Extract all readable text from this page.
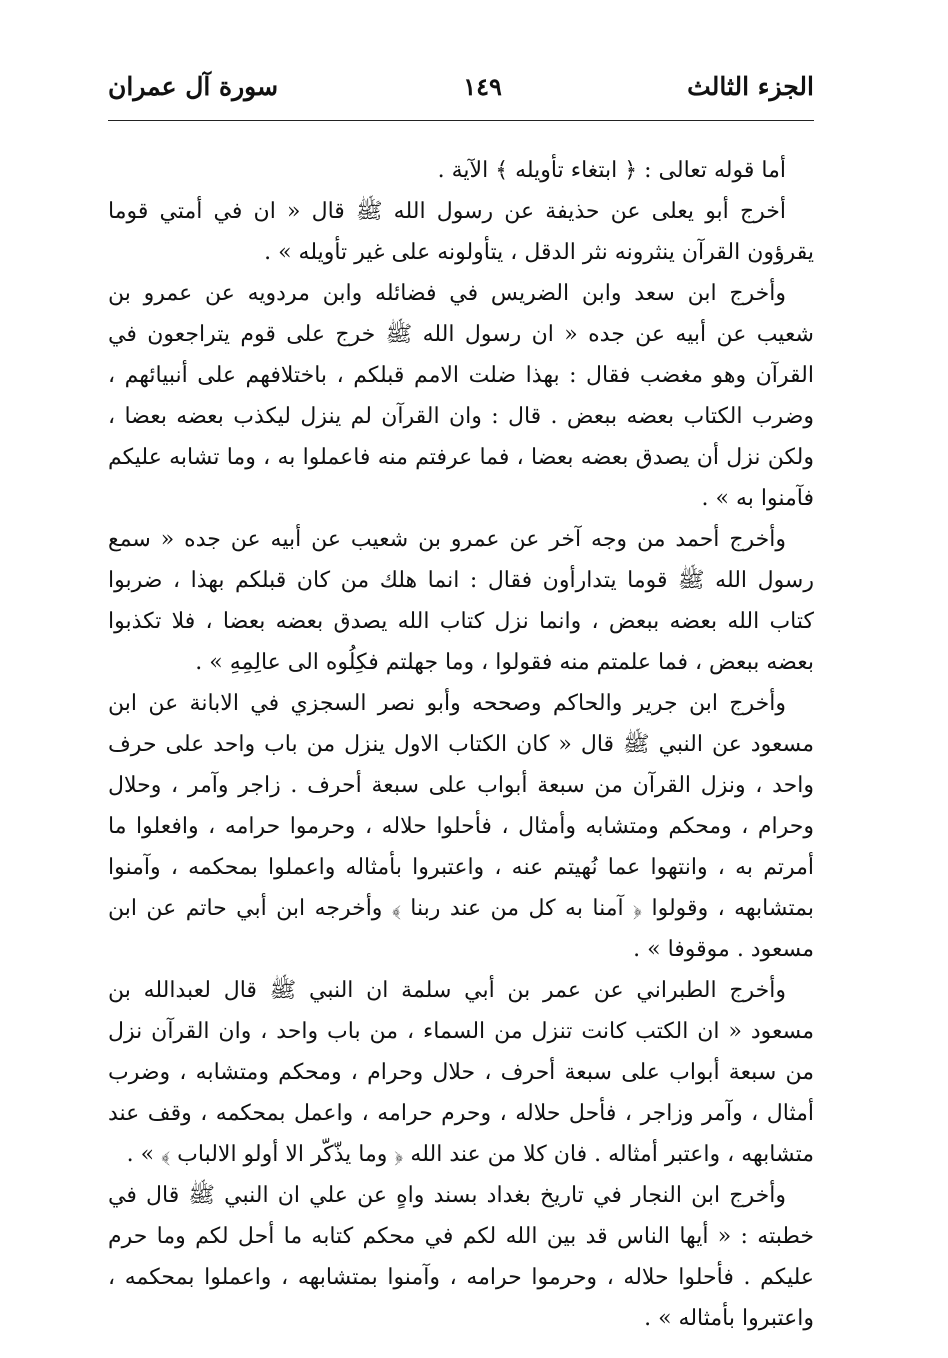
الجزء الثالث
١٤٩
سورة آل عمران

أما قوله تعالى : ﴿ ابتغاء تأويله ﴾ الآية .

أخرج أبو يعلى عن حذيفة عن رسول الله ﷺ قال « ان في أمتي قوما يقرؤون القرآن ينثرونه نثر الدقل ، يتأولونه على غير تأويله » .

وأخرج ابن سعد وابن الضريس في فضائله وابن مردويه عن عمرو بن شعيب عن أبيه عن جده « ان رسول الله ﷺ خرج على قوم يتراجعون في القرآن وهو مغضب فقال : بهذا ضلت الامم قبلكم ، باختلافهم على أنبيائهم ، وضرب الكتاب بعضه ببعض . قال : وان القرآن لم ينزل ليكذب بعضه بعضا ، ولكن نزل أن يصدق بعضه بعضا ، فما عرفتم منه فاعملوا به ، وما تشابه عليكم فآمنوا به » .

وأخرج أحمد من وجه آخر عن عمرو بن شعيب عن أبيه عن جده « سمع رسول الله ﷺ قوما يتدارأون فقال : انما هلك من كان قبلكم بهذا ، ضربوا كتاب الله بعضه ببعض ، وانما نزل كتاب الله يصدق بعضه بعضا ، فلا تكذبوا بعضه ببعض ، فما علمتم منه فقولوا ، وما جهلتم فكِلُوه الى عالِمِهِ » .

وأخرج ابن جرير والحاكم وصححه وأبو نصر السجزي في الابانة عن ابن مسعود عن النبي ﷺ قال « كان الكتاب الاول ينزل من باب واحد على حرف واحد ، ونزل القرآن من سبعة أبواب على سبعة أحرف . زاجر وآمر ، وحلال وحرام ، ومحكم ومتشابه وأمثال ، فأحلوا حلاله ، وحرموا حرامه ، وافعلوا ما أمرتم به ، وانتهوا عما نُهيتم عنه ، واعتبروا بأمثاله واعملوا بمحكمه ، وآمنوا بمتشابهه ، وقولوا ﴿ آمنا به كل من عند ربنا ﴾ وأخرجه ابن أبي حاتم عن ابن مسعود . موقوفا » .

وأخرج الطبراني عن عمر بن أبي سلمة ان النبي ﷺ قال لعبدالله بن مسعود « ان الكتب كانت تنزل من السماء ، من باب واحد ، وان القرآن نزل من سبعة أبواب على سبعة أحرف ، حلال وحرام ، ومحكم ومتشابه ، وضرب أمثال ، وآمر وزاجر ، فأحل حلاله ، وحرم حرامه ، واعمل بمحكمه ، وقف عند متشابهه ، واعتبر أمثاله . فان كلا من عند الله ﴿ وما يذّكّر الا أولو الالباب ﴾ » .

وأخرج ابن النجار في تاريخ بغداد بسند واهٍ عن علي ان النبي ﷺ قال في خطبته : « أيها الناس قد بين الله لكم في محكم كتابه ما أحل لكم وما حرم عليكم . فأحلوا حلاله ، وحرموا حرامه ، وآمنوا بمتشابهه ، واعملوا بمحكمه ، واعتبروا بأمثاله » .
